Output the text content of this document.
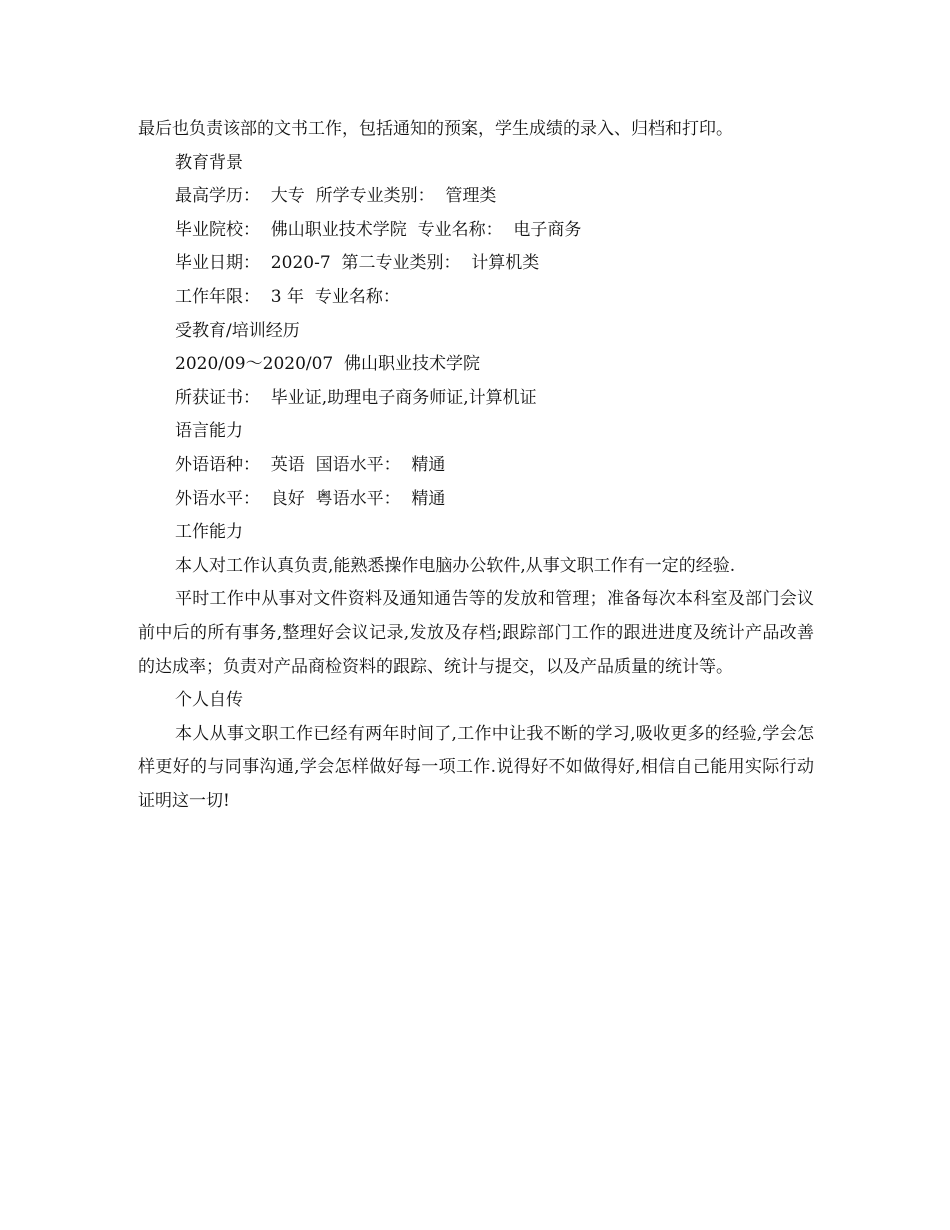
最后也负责该部的文书工作，包括通知的预案，学生成绩的录入、归档和打印。
教育背景
最高学历：  大专  所学专业类别：  管理类
毕业院校：  佛山职业技术学院  专业名称：  电子商务
毕业日期：  2020-7  第二专业类别：  计算机类
工作年限：  3 年  专业名称：
受教育/培训经历
2020/09～2020/07  佛山职业技术学院
所获证书：  毕业证,助理电子商务师证,计算机证
语言能力
外语语种：  英语  国语水平：  精通
外语水平：  良好  粤语水平：  精通
工作能力
本人对工作认真负责,能熟悉操作电脑办公软件,从事文职工作有一定的经验.

平时工作中从事对文件资料及通知通告等的发放和管理；准备每次本科室及部门会议前中后的所有事务,整理好会议记录,发放及存档;跟踪部门工作的跟进进度及统计产品改善的达成率；负责对产品商检资料的跟踪、统计与提交，以及产品质量的统计等。

个人自传

本人从事文职工作已经有两年时间了,工作中让我不断的学习,吸收更多的经验,学会怎样更好的与同事沟通,学会怎样做好每一项工作.说得好不如做得好,相信自己能用实际行动证明这一切!
